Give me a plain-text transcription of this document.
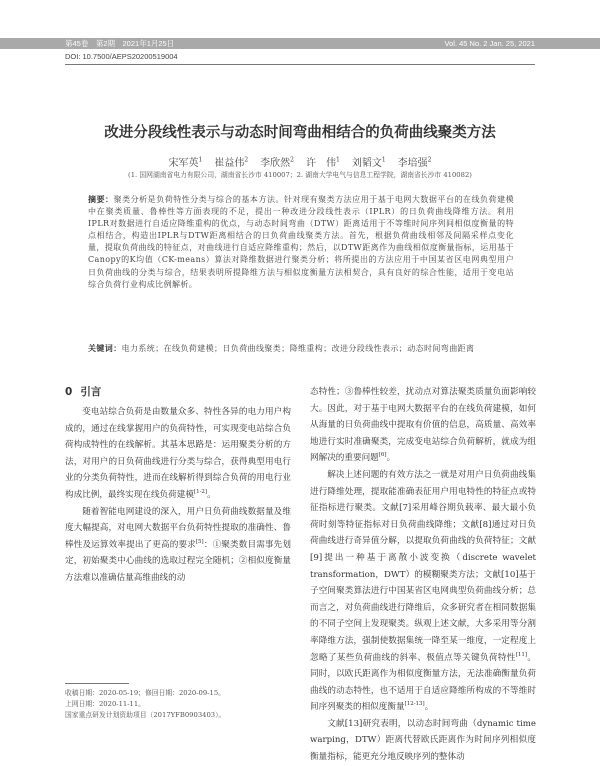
第45卷　第2期　2021年1月25日	Vol. 45 No. 2 Jan. 25, 2021
DOI: 10.7500/AEPS20200519004
改进分段线性表示与动态时间弯曲相结合的负荷曲线聚类方法
宋军英$^1$ 崔益伟$^2$ 李欣然$^2$ 许　伟$^1$ 刘韬文$^1$ 李培强$^2$
(1. 国网湖南省电力有限公司，湖南省长沙市 410007；2. 湖南大学电气与信息工程学院，湖南省长沙市 410082)
摘要：聚类分析是负荷特性分类与综合的基本方法。针对现有聚类方法应用于基于电网大数据平台的在线负荷建模中在聚类质量、鲁棒性等方面表现的不足，提出一种改进分段线性表示（IPLR）的日负荷曲线降维方法。利用IPLR对数据进行自适应降维重构的优点，与动态时间弯曲（DTW）距离适用于不等维时间序列间相似度衡量的特点相结合，构造出IPLR与DTW距离相结合的日负荷曲线聚类方法。首先，根据负荷曲线相邻及间隔采样点变化量，提取负荷曲线的特征点，对曲线进行自适应降维重构；然后，以DTW距离作为曲线相似度衡量指标，运用基于Canopy的K均值（CK-means）算法对降维数据进行聚类分析；将所提出的方法应用于中国某省区电网典型用户日负荷曲线的分类与综合，结果表明所提降维方法与相似度衡量方法相契合，具有良好的综合性能，适用于变电站综合负荷行业构成比例解析。
关键词：电力系统；在线负荷建模；日负荷曲线聚类；降维重构；改进分段线性表示；动态时间弯曲距离
0 引言

变电站综合负荷是由数量众多、特性各异的电力用户构成的，通过在线掌握用户的负荷特性，可实现变电站综合负荷构成特性的在线解析。其基本思路是：运用聚类分析的方法，对用户的日负荷曲线进行分类与综合，获得典型用电行业的分类负荷特性，进而在线解析得到综合负荷的用电行业构成比例，最终实现在线负荷建模[1-2]。

随着智能电网建设的深入，用户日负荷曲线数据量及维度大幅提高，对电网大数据平台负荷特性提取的准确性、鲁棒性及运算效率提出了更高的要求[5]：①聚类数目需事先划定，初始聚类中心曲线的选取过程完全随机；②相似度衡量方法难以准确估量高维曲线的动

态特性；③鲁棒性较差，扰动点对算法聚类质量负面影响较大。因此，对于基于电网大数据平台的在线负荷建模，如何从海量的日负荷曲线中提取有价值的信息，高质量、高效率地进行实时准确聚类，完成变电站综合负荷解析，就成为组网解决的重要问题[6]。

解决上述问题的有效方法之一就是对用户日负荷曲线集进行降维处理，提取能准确表征用户用电特性的特征点或特征指标进行聚类。文献[7]采用峰谷期负载率、最大最小负荷时刻等特征指标对日负荷曲线降维；文献[8]通过对日负荷曲线进行奇异值分解，以提取负荷曲线的负荷特征；文献[9]提出一种基于离散小波变换（discrete wavelet transformation，DWT）的模糊聚类方法；文献[10]基于子空间聚类算法进行中国某省区电网典型负荷曲线分析；总而言之，对负荷曲线进行降维后，众多研究者在相同数据集的不同子空间上发现聚类。纵观上述文献，大多采用等分割率降维方法，强制使数据集统一降至某一维度，一定程度上忽略了某些负荷曲线的斜率、极值点等关键负荷特性[11]。同时，以欧氏距离作为相似度衡量方法，无法准确衡量负荷曲线的动态特性，也不适用于自适应降维所构成的不等维时间序列聚类的相似度衡量[12-13]。

文献[13]研究表明，以动态时间弯曲（dynamic time warping，DTW）距离代替欧氏距离作为时间序列相似度衡量指标，能更充分地反映序列的整体动

收稿日期：2020-05-19；修回日期：2020-09-15。
上网日期：2020-11-11。
国家重点研发计划资助项目（2017YFB0903403）。
